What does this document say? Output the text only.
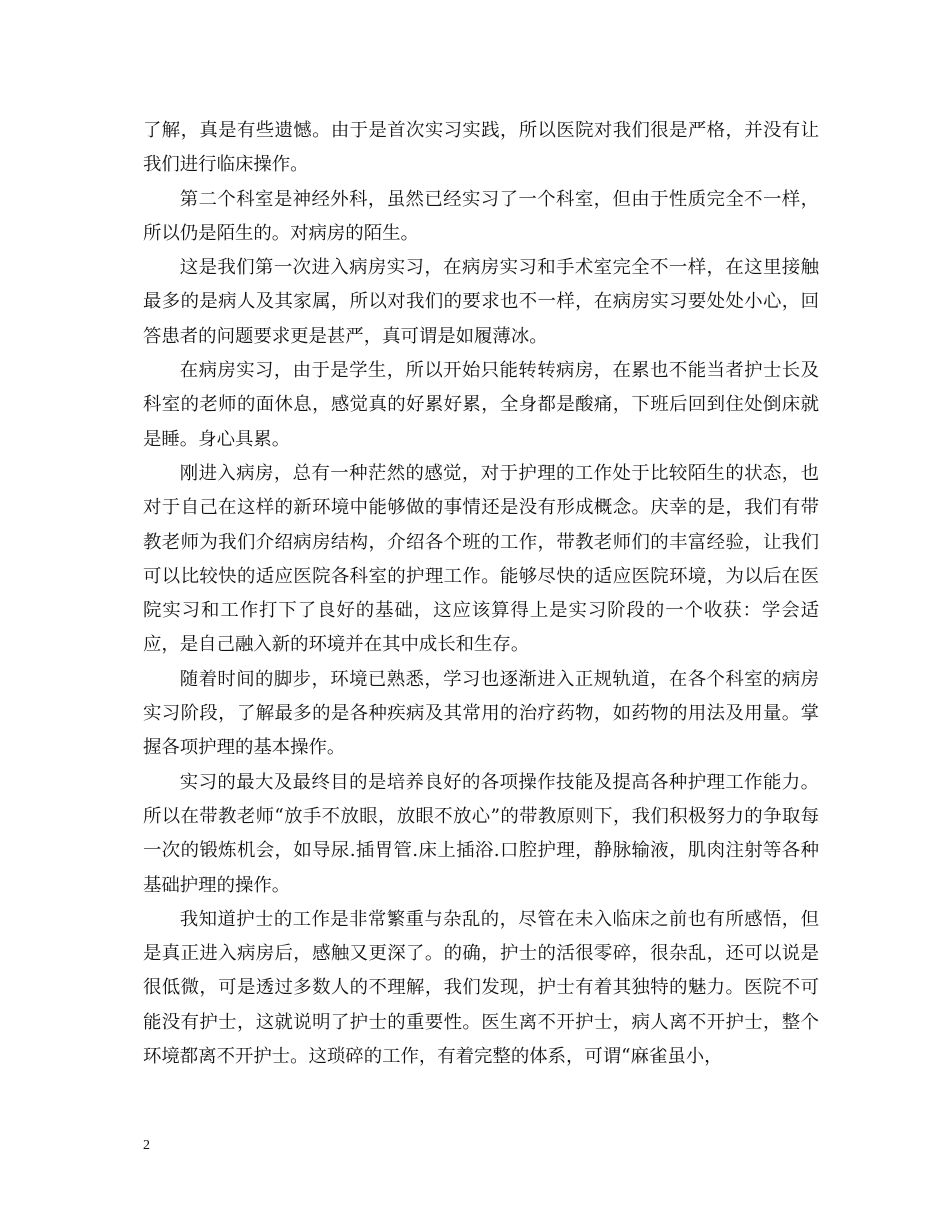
了解，真是有些遗憾。由于是首次实习实践，所以医院对我们很是严格，并没有让我们进行临床操作。

第二个科室是神经外科，虽然已经实习了一个科室，但由于性质完全不一样，所以仍是陌生的。对病房的陌生。

这是我们第一次进入病房实习，在病房实习和手术室完全不一样，在这里接触最多的是病人及其家属，所以对我们的要求也不一样，在病房实习要处处小心，回答患者的问题要求更是甚严，真可谓是如履薄冰。

在病房实习，由于是学生，所以开始只能转转病房，在累也不能当者护士长及科室的老师的面休息，感觉真的好累好累，全身都是酸痛，下班后回到住处倒床就是睡。身心具累。

刚进入病房，总有一种茫然的感觉，对于护理的工作处于比较陌生的状态，也对于自己在这样的新环境中能够做的事情还是没有形成概念。庆幸的是，我们有带教老师为我们介绍病房结构，介绍各个班的工作，带教老师们的丰富经验，让我们可以比较快的适应医院各科室的护理工作。能够尽快的适应医院环境，为以后在医院实习和工作打下了良好的基础，这应该算得上是实习阶段的一个收获：学会适应，是自己融入新的环境并在其中成长和生存。

随着时间的脚步，环境已熟悉，学习也逐渐进入正规轨道，在各个科室的病房实习阶段，了解最多的是各种疾病及其常用的治疗药物，如药物的用法及用量。掌握各项护理的基本操作。

实习的最大及最终目的是培养良好的各项操作技能及提高各种护理工作能力。所以在带教老师“放手不放眼，放眼不放心”的带教原则下，我们积极努力的争取每一次的锻炼机会，如导尿.插胃管.床上插浴.口腔护理，静脉输液，肌肉注射等各种基础护理的操作。

我知道护士的工作是非常繁重与杂乱的，尽管在未入临床之前也有所感悟，但是真正进入病房后，感触又更深了。的确，护士的活很零碎，很杂乱，还可以说是很低微，可是透过多数人的不理解，我们发现，护士有着其独特的魅力。医院不可能没有护士，这就说明了护士的重要性。医生离不开护士，病人离不开护士，整个环境都离不开护士。这琐碎的工作，有着完整的体系，可谓“麻雀虽小，

2
